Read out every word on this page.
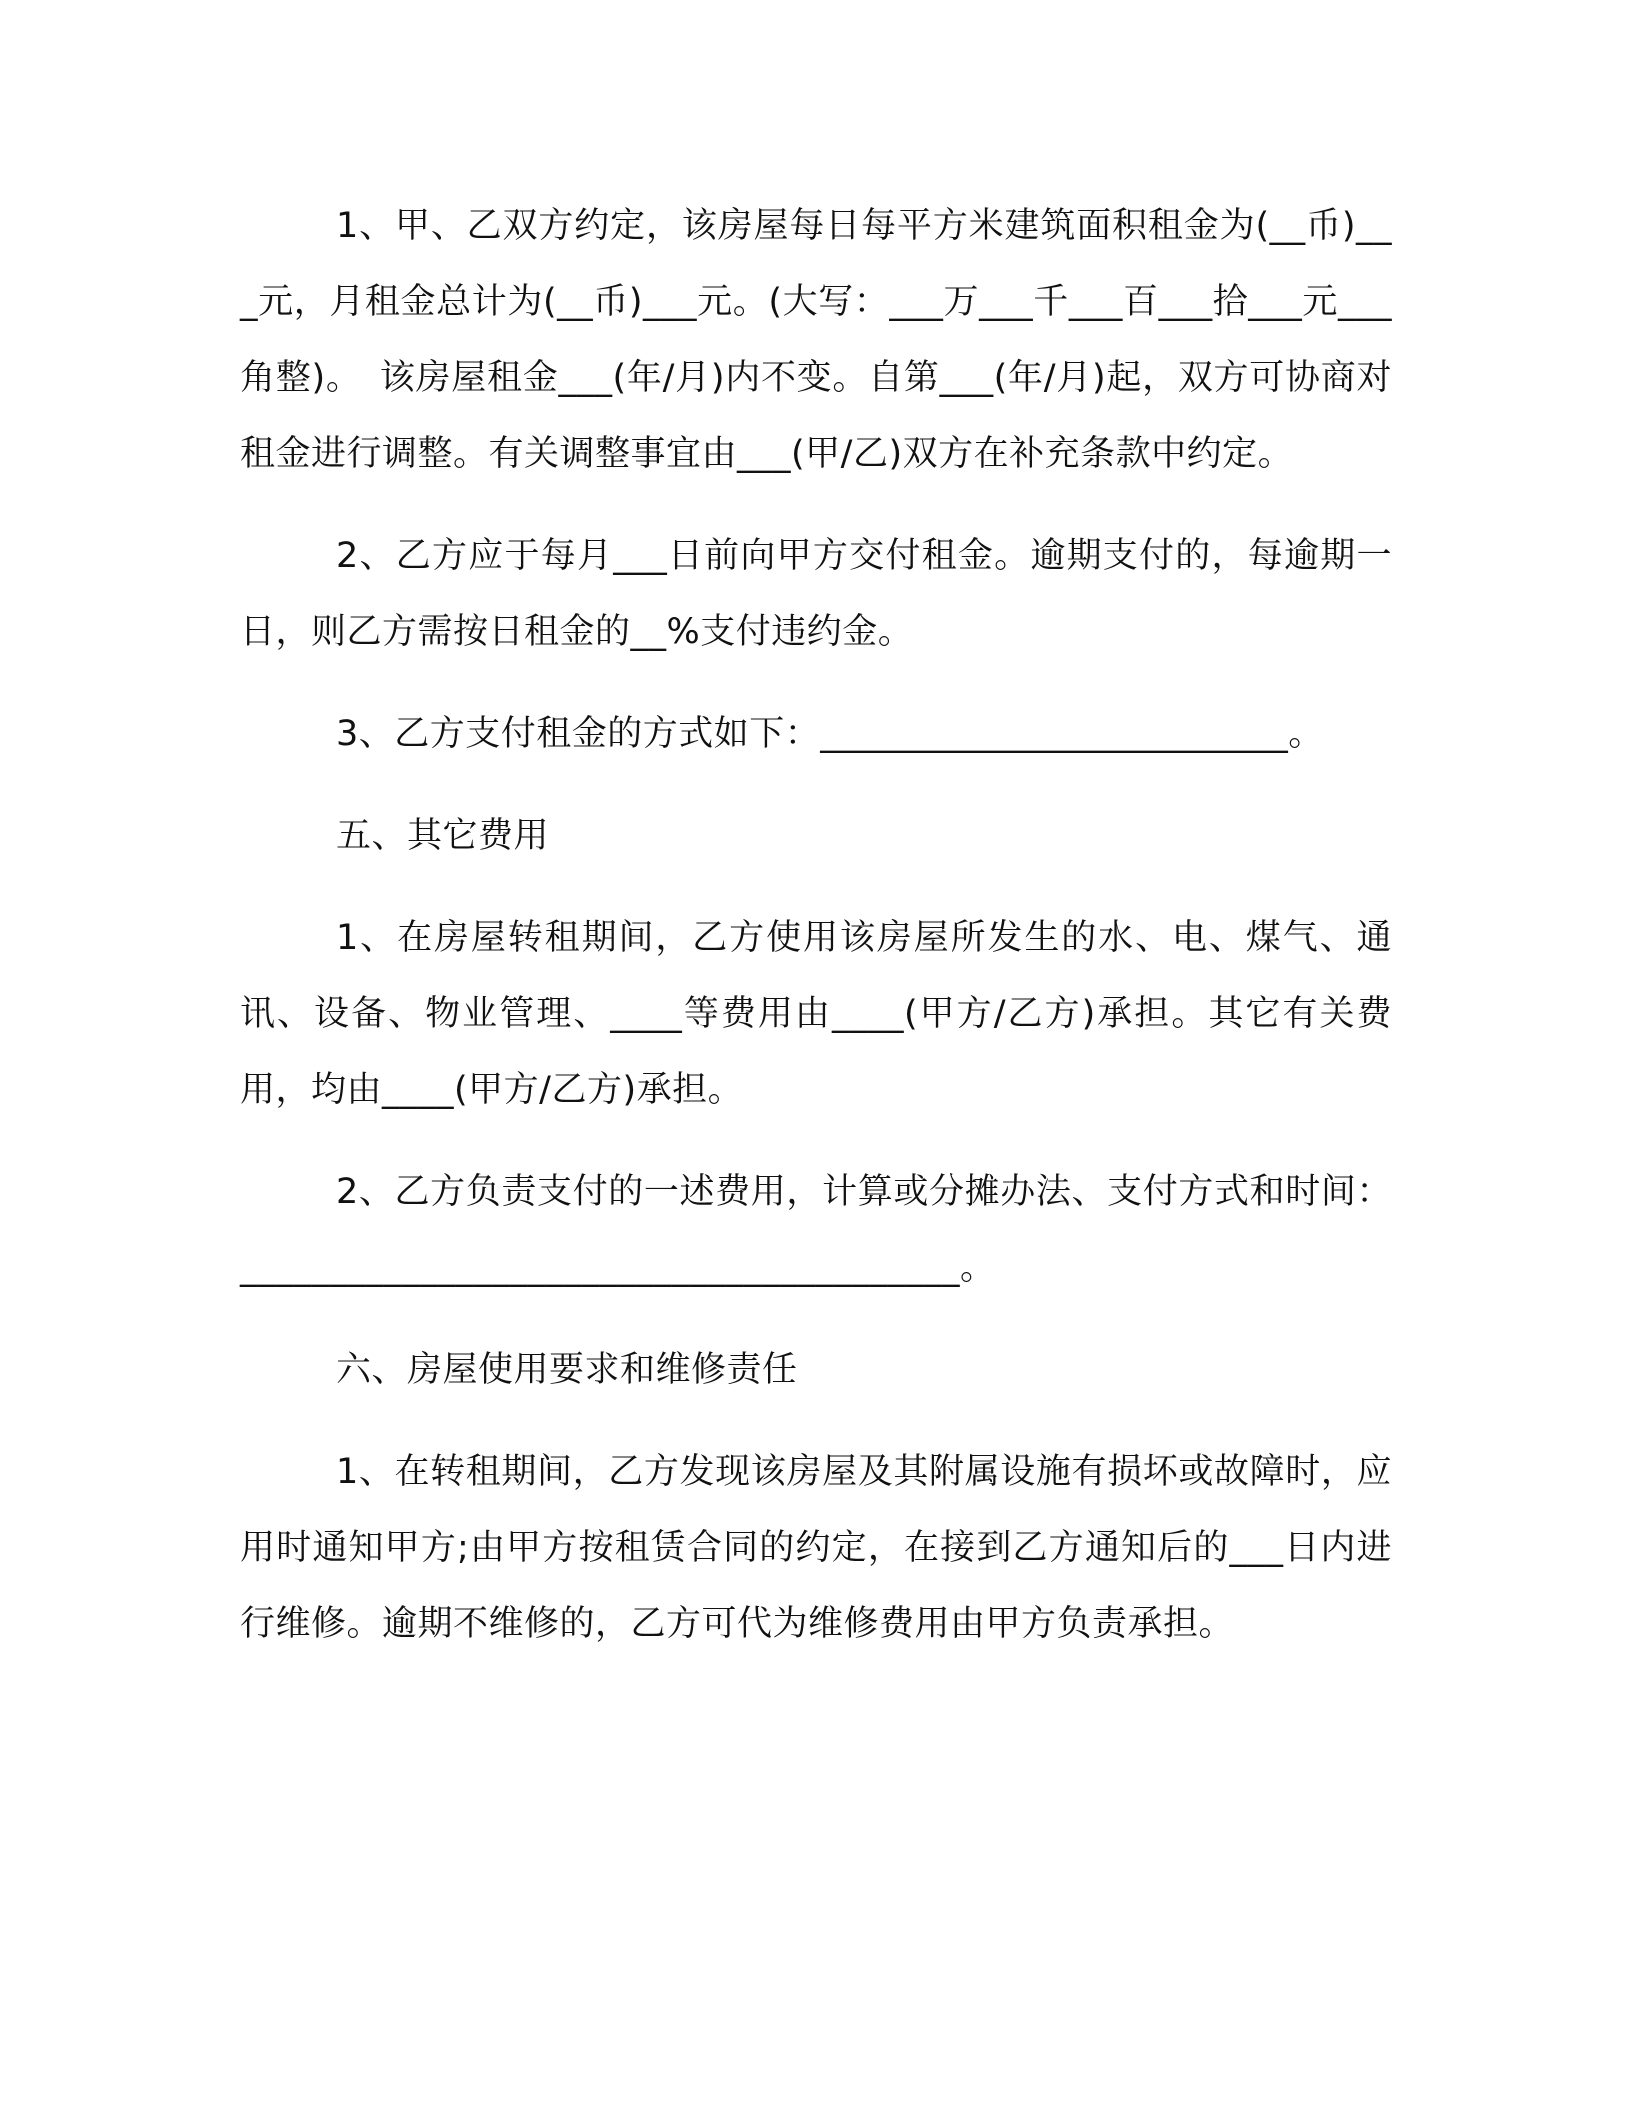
1、甲、乙双方约定，该房屋每日每平方米建筑面积租金为(__币)___元，月租金总计为(__币)___元。(大写：___万___千___百___拾___元___角整)。　该房屋租金___(年/月)内不变。自第___(年/月)起，双方可协商对租金进行调整。有关调整事宜由___(甲/乙)双方在补充条款中约定。

2、乙方应于每月___日前向甲方交付租金。逾期支付的，每逾期一日，则乙方需按日租金的__%支付违约金。

3、乙方支付租金的方式如下：__________________________。

五、其它费用

1、在房屋转租期间，乙方使用该房屋所发生的水、电、煤气、通讯、设备、物业管理、____等费用由____(甲方/乙方)承担。其它有关费用，均由____(甲方/乙方)承担。

2、乙方负责支付的一述费用，计算或分摊办法、支付方式和时间：________________________________________。

六、房屋使用要求和维修责任

1、在转租期间，乙方发现该房屋及其附属设施有损坏或故障时，应用时通知甲方;由甲方按租赁合同的约定，在接到乙方通知后的___日内进行维修。逾期不维修的，乙方可代为维修费用由甲方负责承担。
